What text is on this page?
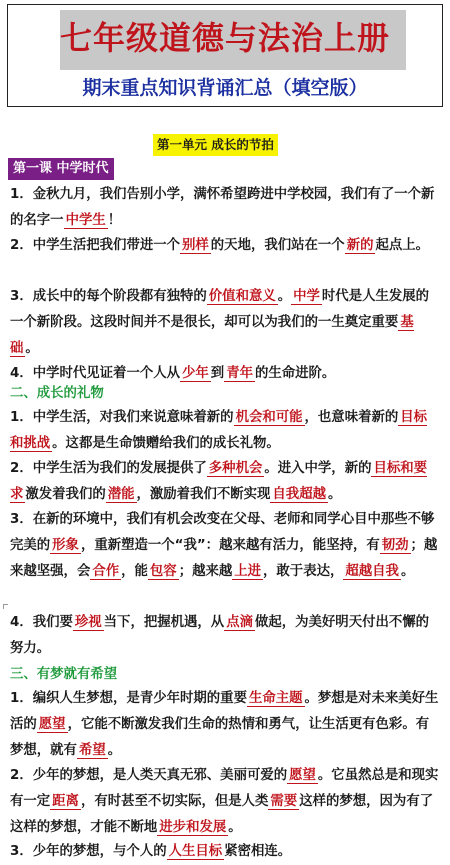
七年级道德与法治上册
期末重点知识背诵汇总（填空版）
第一单元 成长的节拍
第一课 中学时代
1．金秋九月，我们告别小学，满怀希望跨进中学校园，我们有了一个新的名字一 中学生 ！
2．中学生活把我们带进一个 别样 的天地，我们站在一个 新的 起点上。
3．成长中的每个阶段都有独特的 价值和意义 。 中学 时代是人生发展的一个新阶段。这段时间并不是很长，却可以为我们的一生奠定重要 基础 。
4．中学时代见证着一个人从 少年 到 青年 的生命进阶。
二、成长的礼物
1．中学生活，对我们来说意味着新的 机会和可能 ，也意味着新的 目标和挑战 。这都是生命馈赠给我们的成长礼物。
2．中学生活为我们的发展提供了 多种机会 。进入中学，新的 目标和要求 激发着我们的 潜能 ，激励着我们不断实现 自我超越 。
3．在新的环境中，我们有机会改变在父母、老师和同学心目中那些不够完美的 形象 ，重新塑造一个“我”：越来越有活力，能坚持，有 韧劲 ；越来越坚强，会 合作 ，能 包容 ；越来越 上进 ，敢于表达， 超越自我 。
4．我们要 珍视 当下，把握机遇，从 点滴 做起，为美好明天付出不懈的努力。
三、有梦就有希望
1．编织人生梦想，是青少年时期的重要 生命主题 。梦想是对未来美好生活的 愿望 ，它能不断激发我们生命的热情和勇气，让生活更有色彩。有梦想，就有 希望 。
2．少年的梦想，是人类天真无邪、美丽可爱的 愿望 。它虽然总是和现实有一定 距离 ，有时甚至不切实际，但是人类 需要 这样的梦想，因为有了这样的梦想，才能不断地 进步和发展 。
3．少年的梦想，与个人的 人生目标 紧密相连。
